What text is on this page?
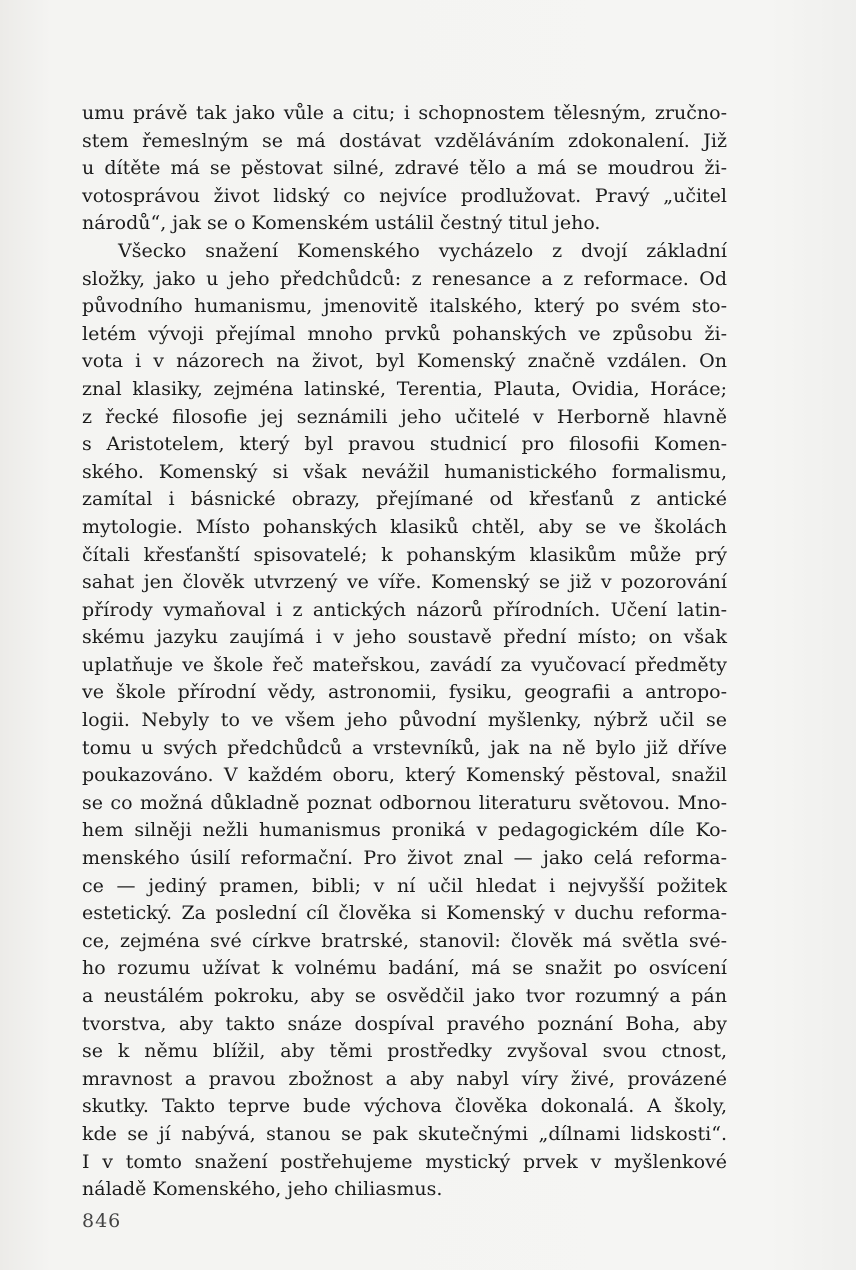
umu právě tak jako vůle a citu; i schopnostem tělesným, zručno-
stem řemeslným se má dostávat vzděláváním zdokonalení. Již
u dítěte má se pěstovat silné, zdravé tělo a má se moudrou ži-
votosprávou život lidský co nejvíce prodlužovat. Pravý „učitel
národů“, jak se o Komenském ustálil čestný titul jeho.
Všecko snažení Komenského vycházelo z dvojí základní
složky, jako u jeho předchůdců: z renesance a z reformace. Od
původního humanismu, jmenovitě italského, který po svém sto-
letém vývoji přejímal mnoho prvků pohanských ve způsobu ži-
vota i v názorech na život, byl Komenský značně vzdálen. On
znal klasiky, zejména latinské, Terentia, Plauta, Ovidia, Horáce;
z řecké filosofie jej seznámili jeho učitelé v Herborně hlavně
s Aristotelem, který byl pravou studnicí pro filosofii Komen-
ského. Komenský si však nevážil humanistického formalismu,
zamítal i básnické obrazy, přejímané od křesťanů z antické
mytologie. Místo pohanských klasiků chtěl, aby se ve školách
čítali křesťanští spisovatelé; k pohanským klasikům může prý
sahat jen člověk utvrzený ve víře. Komenský se již v pozorování
přírody vymaňoval i z antických názorů přírodních. Učení latin-
skému jazyku zaujímá i v jeho soustavě přední místo; on však
uplatňuje ve škole řeč mateřskou, zavádí za vyučovací předměty
ve škole přírodní vědy, astronomii, fysiku, geografii a antropo-
logii. Nebyly to ve všem jeho původní myšlenky, nýbrž učil se
tomu u svých předchůdců a vrstevníků, jak na ně bylo již dříve
poukazováno. V každém oboru, který Komenský pěstoval, snažil
se co možná důkladně poznat odbornou literaturu světovou. Mno-
hem silněji nežli humanismus proniká v pedagogickém díle Ko-
menského úsilí reformační. Pro život znal — jako celá reforma-
ce — jediný pramen, bibli; v ní učil hledat i nejvyšší požitek
estetický. Za poslední cíl člověka si Komenský v duchu reforma-
ce, zejména své církve bratrské, stanovil: člověk má světla své-
ho rozumu užívat k volnému badání, má se snažit po osvícení
a neustálém pokroku, aby se osvědčil jako tvor rozumný a pán
tvorstva, aby takto snáze dospíval pravého poznání Boha, aby
se k němu blížil, aby těmi prostředky zvyšoval svou ctnost,
mravnost a pravou zbožnost a aby nabyl víry živé, provázené
skutky. Takto teprve bude výchova člověka dokonalá. A školy,
kde se jí nabývá, stanou se pak skutečnými „dílnami lidskosti“.
I v tomto snažení postřehujeme mystický prvek v myšlenkové
náladě Komenského, jeho chiliasmus.
846
